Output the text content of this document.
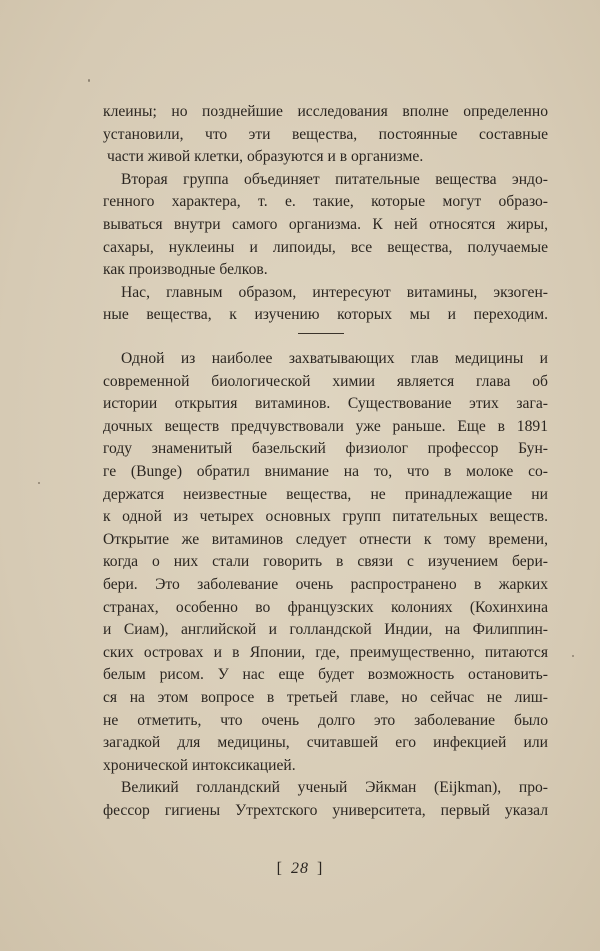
клеины; но позднейшие исследования вполне определенно
установили, что эти вещества, постоянные составные
части живой клетки, образуются и в организме.
Вторая группа объединяет питательные вещества эндо-
генного характера, т. е. такие, которые могут образо-
вываться внутри самого организма. К ней относятся жиры,
сахары, нуклеины и липоиды, все вещества, получаемые
как производные белков.
Нас, главным образом, интересуют витамины, экзоген-
ные вещества, к изучению которых мы и переходим.
Одной из наиболее захватывающих глав медицины и
современной биологической химии является глава об
истории открытия витаминов. Существование этих зага-
дочных веществ предчувствовали уже раньше. Еще в 1891
году знаменитый базельский физиолог профессор Бун-
ге (Bunge) обратил внимание на то, что в молоке со-
держатся неизвестные вещества, не принадлежащие ни
к одной из четырех основных групп питательных веществ.
Открытие же витаминов следует отнести к тому времени,
когда о них стали говорить в связи с изучением бери-
бери. Это заболевание очень распространено в жарких
странах, особенно во французских колониях (Кохинхина
и Сиам), английской и голландской Индии, на Филиппин-
ских островах и в Японии, где, преимущественно, питаются
белым рисом. У нас еще будет возможность остановить-
ся на этом вопросе в третьей главе, но сейчас не лиш-
не отметить, что очень долго это заболевание было
загадкой для медицины, считавшей его инфекцией или
хронической интоксикацией.
Великий голландский ученый Эйкман (Eijkman), про-
фессор гигиены Утрехтского университета, первый указал
[ 28 ]
